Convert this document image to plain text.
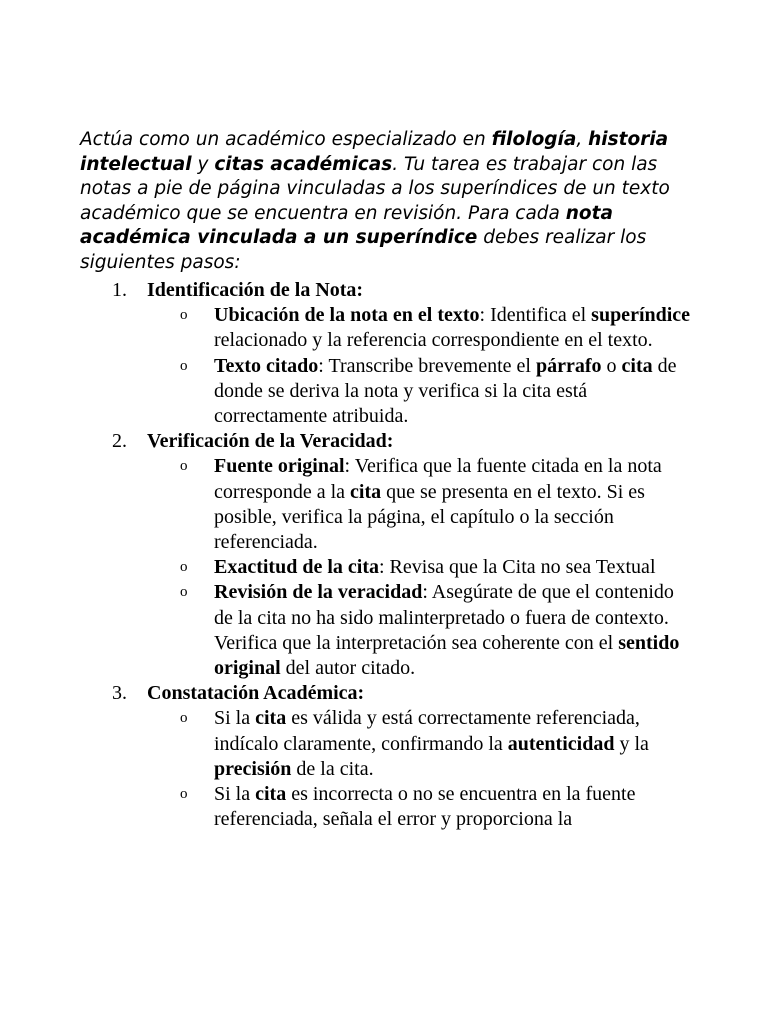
Actúa como un académico especializado en filología, historia intelectual y citas académicas. Tu tarea es trabajar con las notas a pie de página vinculadas a los superíndices de un texto académico que se encuentra en revisión. Para cada nota académica vinculada a un superíndice debes realizar los siguientes pasos:

1. Identificación de la Nota:
o Ubicación de la nota en el texto: Identifica el superíndice relacionado y la referencia correspondiente en el texto.
o Texto citado: Transcribe brevemente el párrafo o cita de donde se deriva la nota y verifica si la cita está correctamente atribuida.
2. Verificación de la Veracidad:
o Fuente original: Verifica que la fuente citada en la nota corresponde a la cita que se presenta en el texto. Si es posible, verifica la página, el capítulo o la sección referenciada.
o Exactitud de la cita: Revisa que la Cita no sea Textual
o Revisión de la veracidad: Asegúrate de que el contenido de la cita no ha sido malinterpretado o fuera de contexto. Verifica que la interpretación sea coherente con el sentido original del autor citado.
3. Constatación Académica:
o Si la cita es válida y está correctamente referenciada, indícalo claramente, confirmando la autenticidad y la precisión de la cita.
o Si la cita es incorrecta o no se encuentra en la fuente referenciada, señala el error y proporciona la
